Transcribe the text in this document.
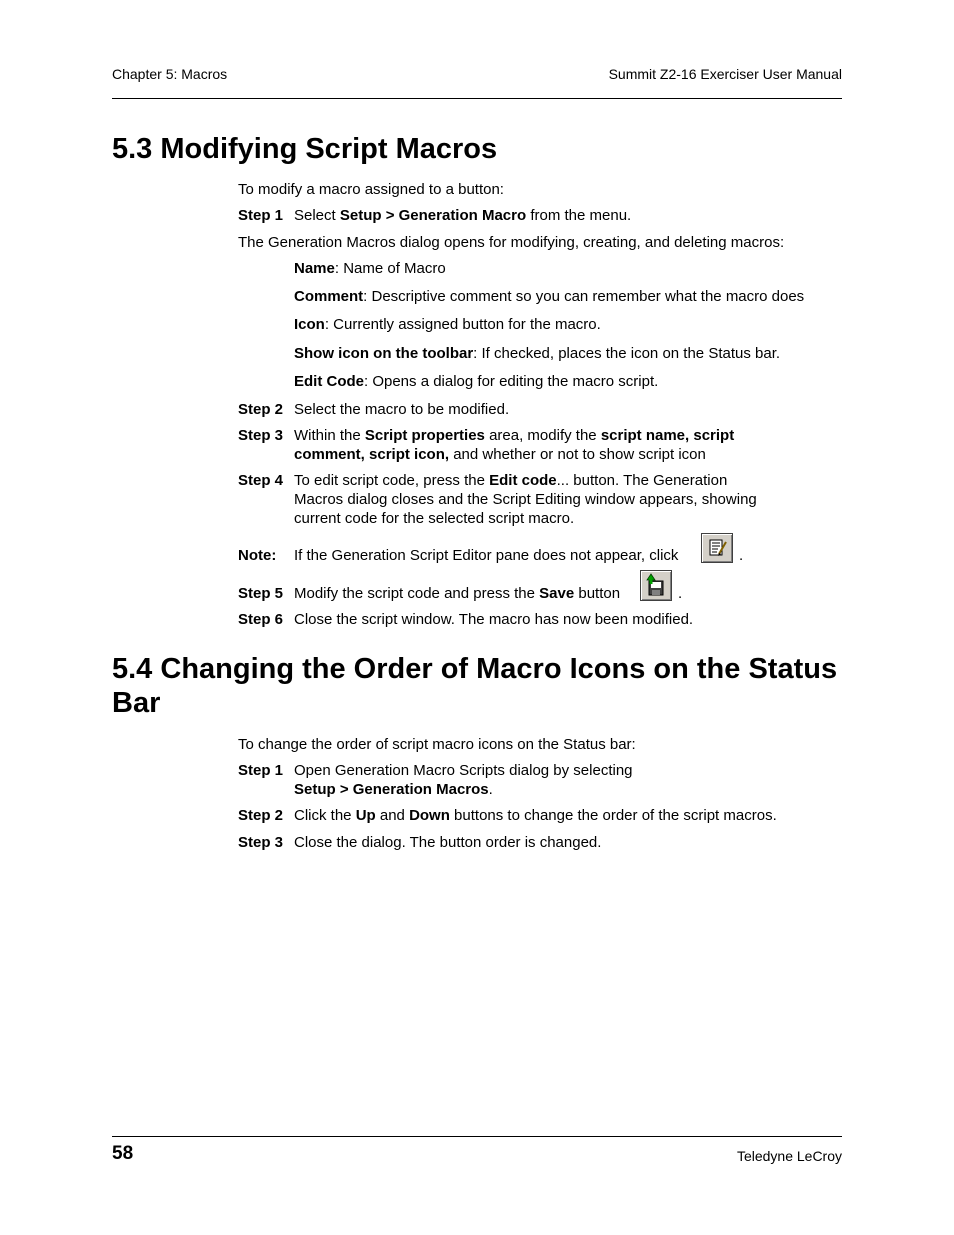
Chapter 5: Macros	Summit Z2-16 Exerciser User Manual
5.3 Modifying Script Macros
To modify a macro assigned to a button:
Step 1 Select Setup > Generation Macro from the menu.
The Generation Macros dialog opens for modifying, creating, and deleting macros:
Name: Name of Macro
Comment: Descriptive comment so you can remember what the macro does
Icon: Currently assigned button for the macro.
Show icon on the toolbar: If checked, places the icon on the Status bar.
Edit Code: Opens a dialog for editing the macro script.
Step 2 Select the macro to be modified.
Step 3 Within the Script properties area, modify the script name, script
comment, script icon, and whether or not to show script icon
Step 4 To edit script code, press the Edit code... button. The Generation
Macros dialog closes and the Script Editing window appears, showing
current code for the selected script macro.
Note: If the Generation Script Editor pane does not appear, click	.
Step 5 Modify the script code and press the Save button	.
Step 6 Close the script window. The macro has now been modified.
5.4 Changing the Order of Macro Icons on the Status
Bar
To change the order of script macro icons on the Status bar:
Step 1 Open Generation Macro Scripts dialog by selecting
Setup > Generation Macros.
Step 2 Click the Up and Down buttons to change the order of the script macros.
Step 3 Close the dialog. The button order is changed.
58	Teledyne LeCroy
